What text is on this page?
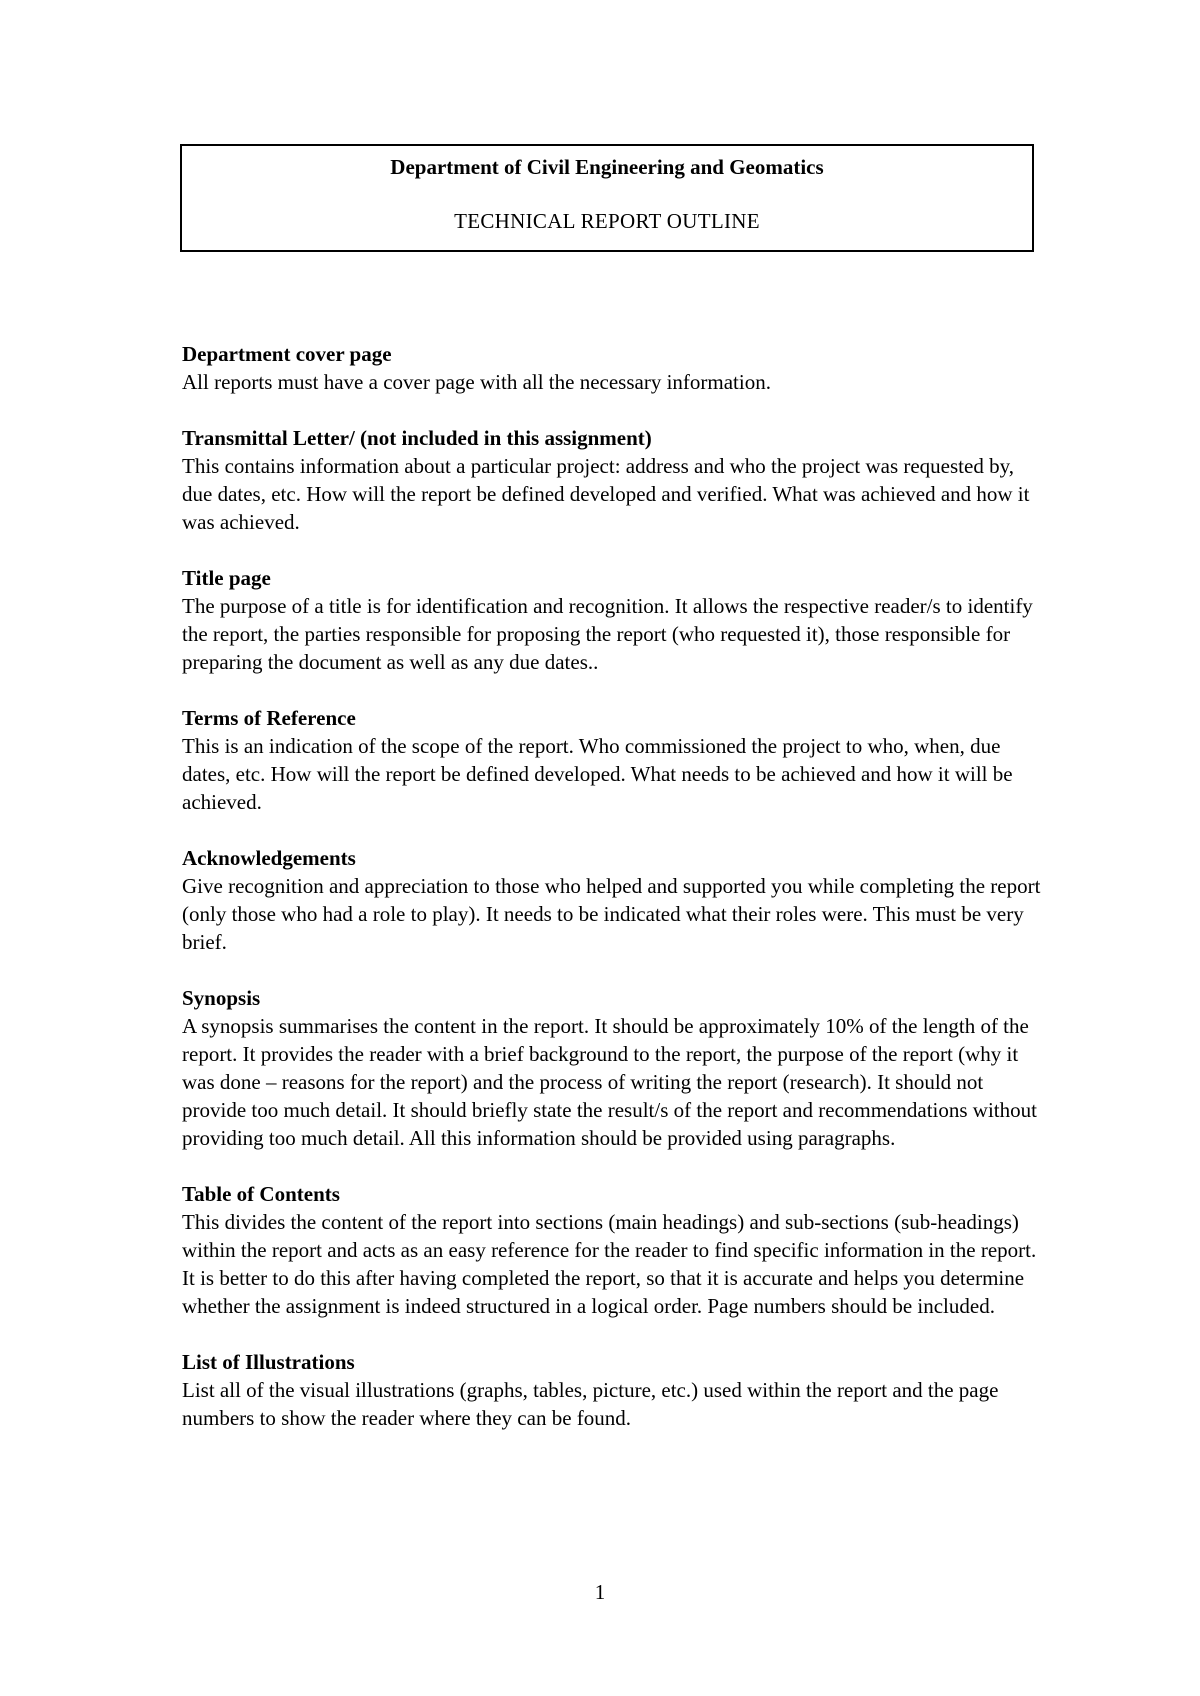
Department of Civil Engineering and Geomatics
TECHNICAL REPORT OUTLINE

Department cover page

All reports must have a cover page with all the necessary information.

Transmittal Letter/ (not included in this assignment)

This contains information about a particular project: address and who the project was requested by, due dates, etc. How will the report be defined developed and verified. What was achieved and how it was achieved.

Title page

The purpose of a title is for identification and recognition. It allows the respective reader/s to identify the report, the parties responsible for proposing the report (who requested it), those responsible for preparing the document as well as any due dates..

Terms of Reference

This is an indication of the scope of the report. Who commissioned the project to who, when, due dates, etc. How will the report be defined developed. What needs to be achieved and how it will be achieved.

Acknowledgements

Give recognition and appreciation to those who helped and supported you while completing the report (only those who had a role to play). It needs to be indicated what their roles were. This must be very brief.

Synopsis

A synopsis summarises the content in the report. It should be approximately 10% of the length of the report. It provides the reader with a brief background to the report, the purpose of the report (why it was done – reasons for the report) and the process of writing the report (research). It should not provide too much detail. It should briefly state the result/s of the report and recommendations without providing too much detail. All this information should be provided using paragraphs.

Table of Contents

This divides the content of the report into sections (main headings) and sub-sections (sub-headings) within the report and acts as an easy reference for the reader to find specific information in the report. It is better to do this after having completed the report, so that it is accurate and helps you determine whether the assignment is indeed structured in a logical order. Page numbers should be included.

List of Illustrations

List all of the visual illustrations (graphs, tables, picture, etc.) used within the report and the page numbers to show the reader where they can be found.

1
